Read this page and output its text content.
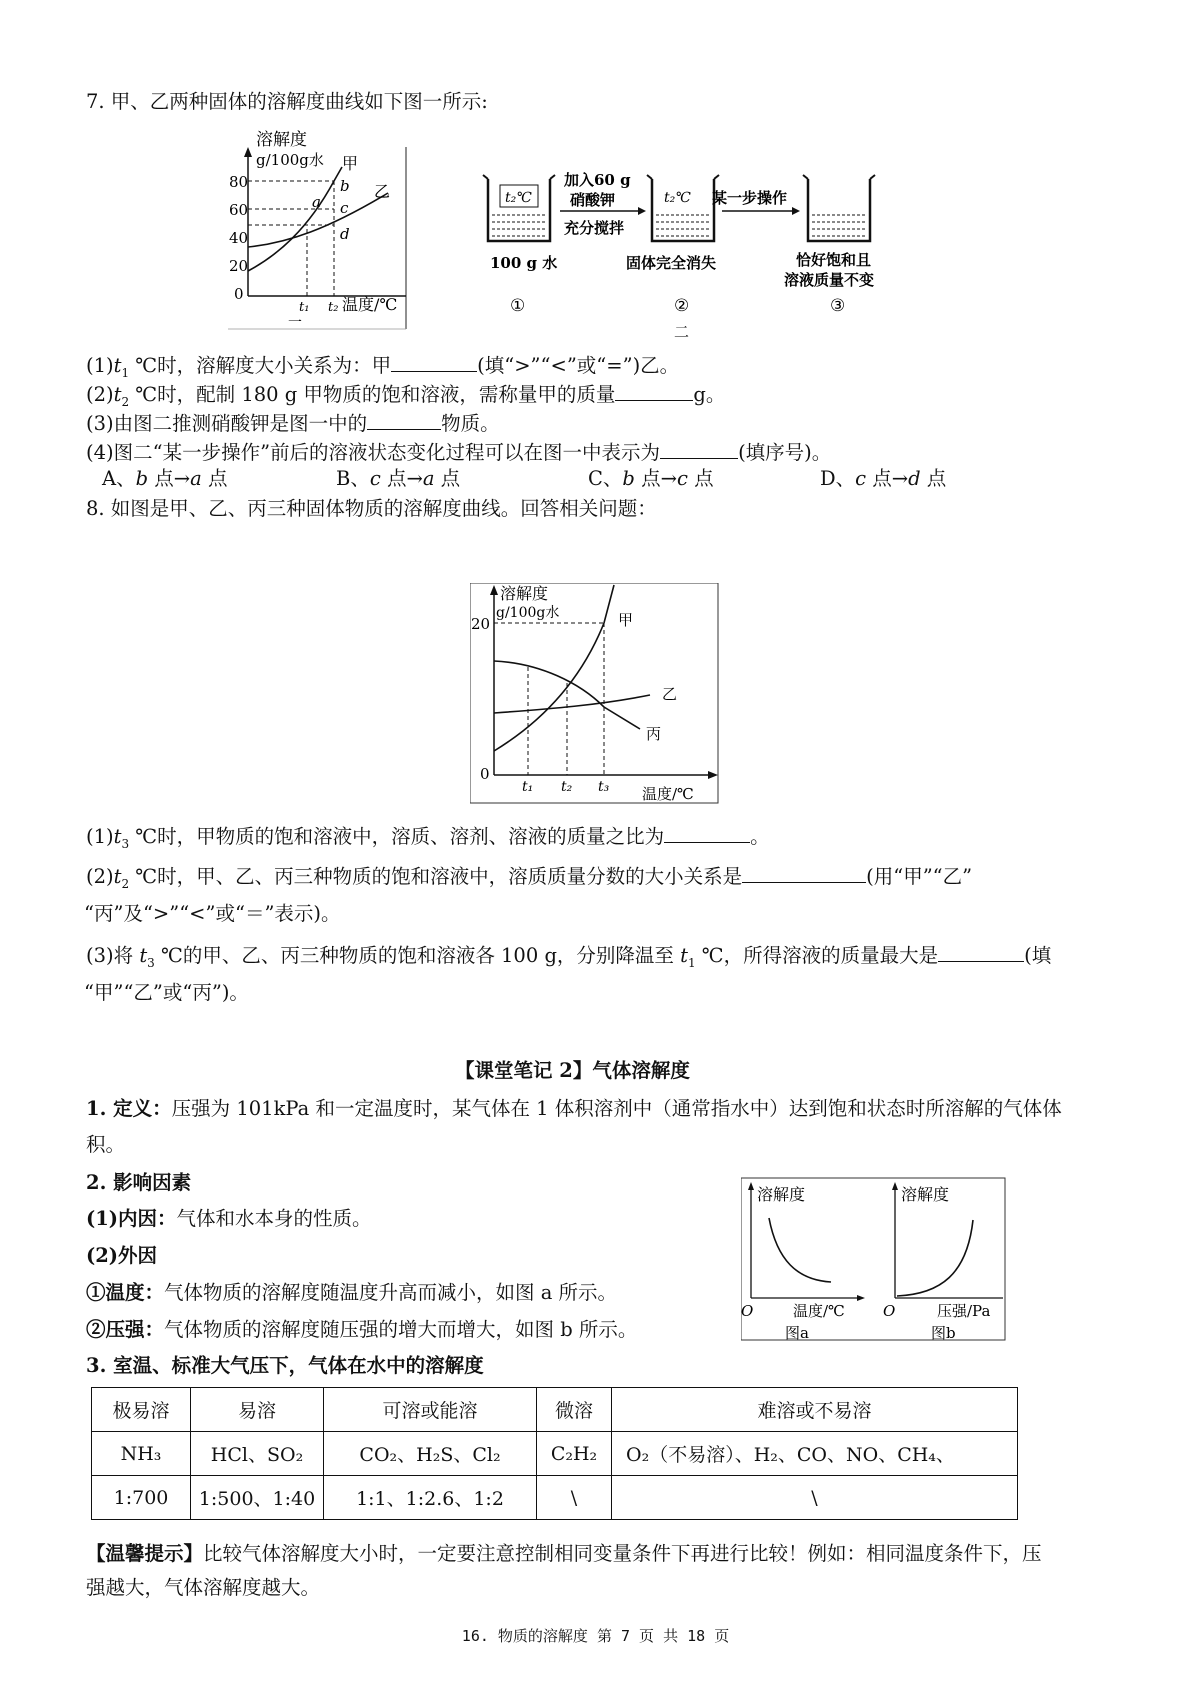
7. 甲、乙两种固体的溶解度曲线如下图一所示:
溶解度
g/100g水
80
60
40
20
0
甲
乙
a
b
c
d
t₁ t₂ 温度/℃
一
t₂℃	t₂℃
加入60 g
硝酸钾
充分搅拌
某一步操作
100 g 水	固体完全消失	恰好饱和且
溶液质量不变
①	②	③
二
$(1)t_1$ ℃时，溶解度大小关系为：甲	(填“>”“<”或“=”)乙。
$(2)t_2$ ℃时，配制 180 g 甲物质的饱和溶液，需称量甲的质量	g。
(3)由图二推测硝酸钾是图一中的	物质。
(4)图二“某一步操作”前后的溶液状态变化过程可以在图一中表示为	(填序号)。
A、b 点→a 点	B、c 点→a 点	C、b 点→c 点	D、c 点→d 点
8. 如图是甲、乙、丙三种固体物质的溶解度曲线。回答相关问题：
溶解度
g/100g水
20
0
甲
乙
丙
t₁ t₂ t₃ 温度/℃
$(1)t_3$ ℃时，甲物质的饱和溶液中，溶质、溶剂、溶液的质量之比为	。
$(2)t_2$ ℃时，甲、乙、丙三种物质的饱和溶液中，溶质质量分数的大小关系是	(用“甲”“乙”
“丙”及“>”“<”或“＝”表示)。
(3)将 $t_3$ ℃的甲、乙、丙三种物质的饱和溶液各 100 g，分别降温至 $t_1$ ℃，所得溶液的质量最大是	(填
“甲”“乙”或“丙”)。
【课堂笔记 2】气体溶解度
1. 定义：压强为 101kPa 和一定温度时，某气体在 1 体积溶剂中（通常指水中）达到饱和状态时所溶解的气体体
积。
2. 影响因素
(1)内因：气体和水本身的性质。
(2)外因
①温度：气体物质的溶解度随温度升高而减小，如图 a 所示。
②压强：气体物质的溶解度随压强的增大而增大，如图 b 所示。
溶解度
O	温度/℃
图a
溶解度
O	压强/Pa
图b
3. 室温、标准大气压下，气体在水中的溶解度
极易溶	易溶	可溶或能溶	微溶	难溶或不易溶
NH₃	HCl、SO₂	CO₂、H₂S、Cl₂	C₂H₂	O₂（不易溶）、H₂、CO、NO、CH₄、
1:700	1:500、1:40	1:1、1:2.6、1:2	\	\
【温馨提示】比较气体溶解度大小时，一定要注意控制相同变量条件下再进行比较！例如：相同温度条件下，压
强越大，气体溶解度越大。
16. 物质的溶解度 第 7 页 共 18 页
